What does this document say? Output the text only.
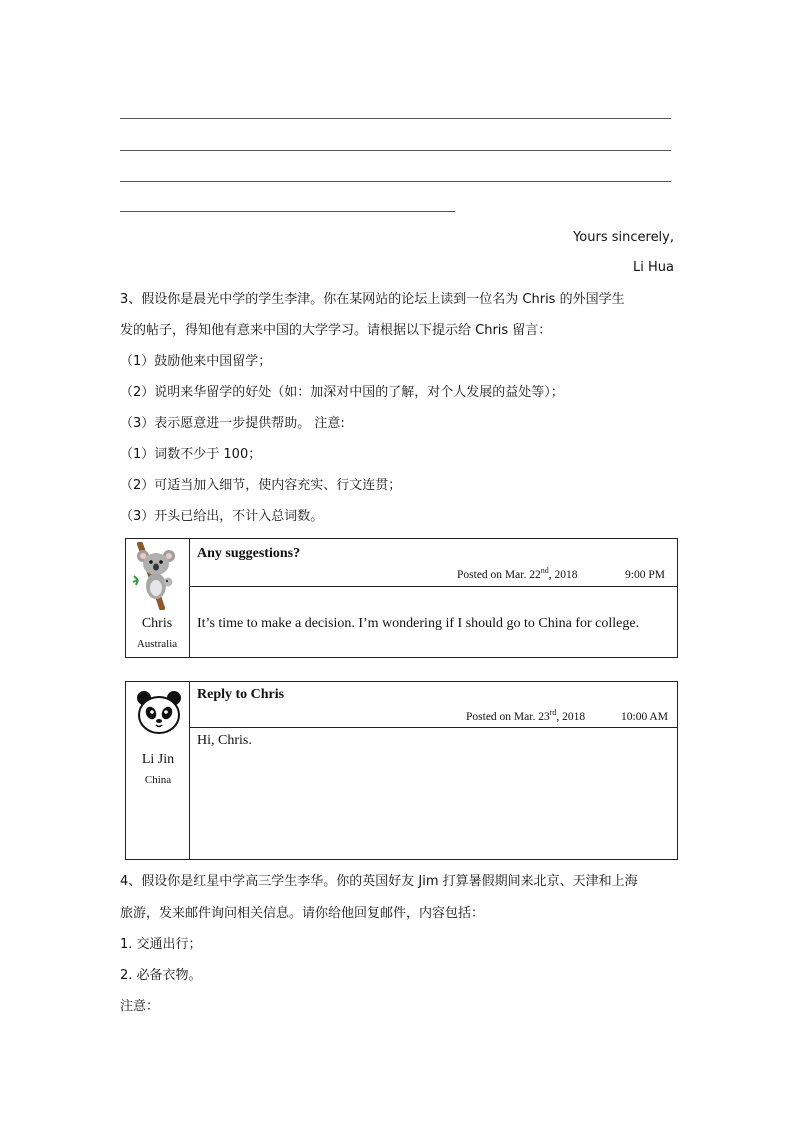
Yours sincerely,
Li Hua
3、假设你是晨光中学的学生李津。你在某网站的论坛上读到一位名为 Chris 的外国学生
发的帖子，得知他有意来中国的大学学习。请根据以下提示给 Chris 留言：
（1）鼓励他来中国留学；
（2）说明来华留学的好处（如：加深对中国的了解，对个人发展的益处等）；
（3）表示愿意进一步提供帮助。 注意:
（1）词数不少于 100；
（2）可适当加入细节，使内容充实、行文连贯；
（3）开头已给出，不计入总词数。
Chris
Australia
Any suggestions?
Posted on Mar. 22nd, 2018	9:00 PM
It’s time to make a decision. I’m wondering if I should go to China for college.
Li Jin
China
Reply to Chris
Posted on Mar. 23rd, 2018	10:00 AM
Hi, Chris.
4、假设你是红星中学高三学生李华。你的英国好友 Jim 打算暑假期间来北京、天津和上海
旅游，发来邮件询问相关信息。请你给他回复邮件，内容包括：
1. 交通出行；
2. 必备衣物。
注意：
